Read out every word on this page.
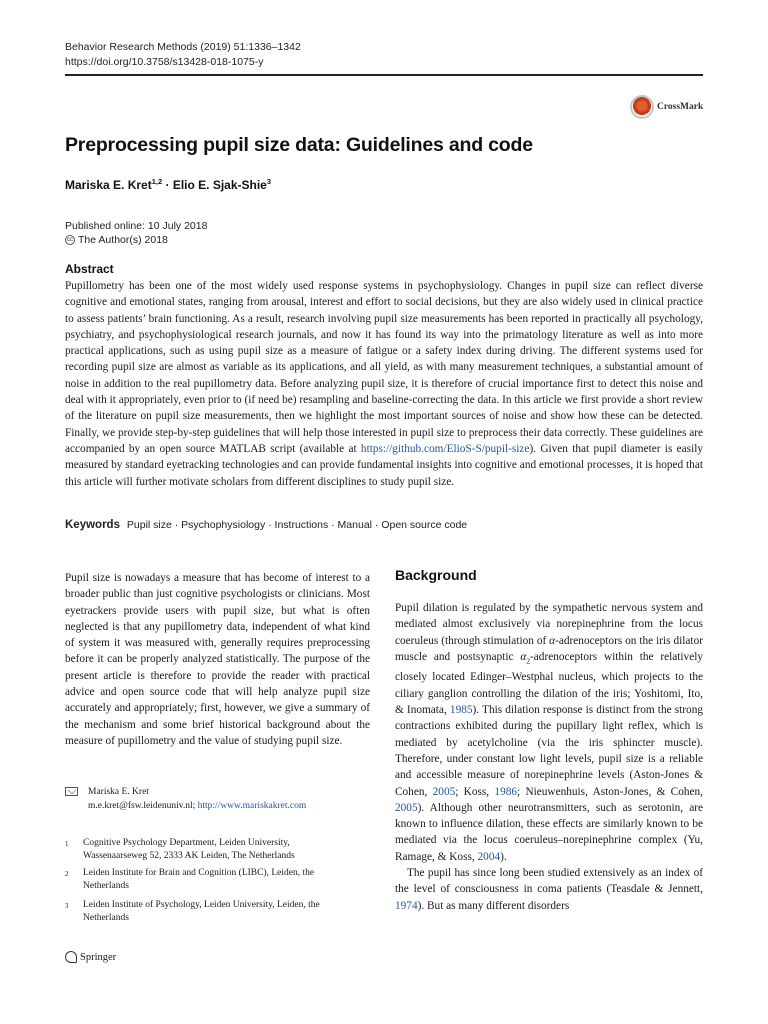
Behavior Research Methods (2019) 51:1336–1342
https://doi.org/10.3758/s13428-018-1075-y
CrossMark
Preprocessing pupil size data: Guidelines and code
Mariska E. Kret$^{1,2}$ · Elio E. Sjak-Shie$^3$
Published online: 10 July 2018
cc The Author(s) 2018
Abstract

Pupillometry has been one of the most widely used response systems in psychophysiology. Changes in pupil size can reflect diverse cognitive and emotional states, ranging from arousal, interest and effort to social decisions, but they are also widely used in clinical practice to assess patients’ brain functioning. As a result, research involving pupil size measurements has been reported in practically all psychology, psychiatry, and psychophysiological research journals, and now it has found its way into the primatology literature as well as into more practical applications, such as using pupil size as a measure of fatigue or a safety index during driving. The different systems used for recording pupil size are almost as variable as its applications, and all yield, as with many measurement techniques, a substantial amount of noise in addition to the real pupillometry data. Before analyzing pupil size, it is therefore of crucial importance first to detect this noise and deal with it appropriately, even prior to (if need be) resampling and baseline-correcting the data. In this article we first provide a short review of the literature on pupil size measurements, then we highlight the most important sources of noise and show how these can be detected. Finally, we provide step-by-step guidelines that will help those interested in pupil size to preprocess their data correctly. These guidelines are accompanied by an open source MATLAB script (available at https://github.com/ElioS-S/pupil-size). Given that pupil diameter is easily measured by standard eyetracking technologies and can provide fundamental insights into cognitive and emotional processes, it is hoped that this article will further motivate scholars from different disciplines to study pupil size.

Keywords Pupil size · Psychophysiology · Instructions · Manual · Open source code

Pupil size is nowadays a measure that has become of interest to a broader public than just cognitive psychologists or clinicians. Most eyetrackers provide users with pupil size, but what is often neglected is that any pupillometry data, independent of what kind of system it was measured with, generally requires preprocessing before it can be properly analyzed statistically. The purpose of the present article is therefore to provide the reader with practical advice and open source code that will help analyze pupil size accurately and appropriately; first, however, we give a summary of the mechanism and some brief historical background about the measure of pupillometry and the value of studying pupil size.

Mariska E. Kret
m.e.kret@fsw.leidenuniv.nl; http://www.mariskakret.com
1	Cognitive Psychology Department, Leiden University, Wassenaarseweg 52, 2333 AK Leiden, The Netherlands
2	Leiden Institute for Brain and Cognition (LIBC), Leiden, the Netherlands
3	Leiden Institute of Psychology, Leiden University, Leiden, the Netherlands
Springer
Background

Pupil dilation is regulated by the sympathetic nervous system and mediated almost exclusively via norepinephrine from the locus coeruleus (through stimulation of α-adrenoceptors on the iris dilator muscle and postsynaptic $\alpha_2$-adrenoceptors within the relatively closely located Edinger–Westphal nucleus, which projects to the ciliary ganglion controlling the dilation of the iris; Yoshitomi, Ito, & Inomata, 1985). This dilation response is distinct from the strong contractions exhibited during the pupillary light reflex, which is mediated by acetylcholine (via the iris sphincter muscle). Therefore, under constant low light levels, pupil size is a reliable and accessible measure of norepinephrine levels (Aston-Jones & Cohen, 2005; Koss, 1986; Nieuwenhuis, Aston-Jones, & Cohen, 2005). Although other neurotransmitters, such as serotonin, are known to influence dilation, these effects are similarly known to be mediated via the locus coeruleus–norepinephrine complex (Yu, Ramage, & Koss, 2004).

The pupil has since long been studied extensively as an index of the level of consciousness in coma patients (Teasdale & Jennett, 1974). But as many different disorders
